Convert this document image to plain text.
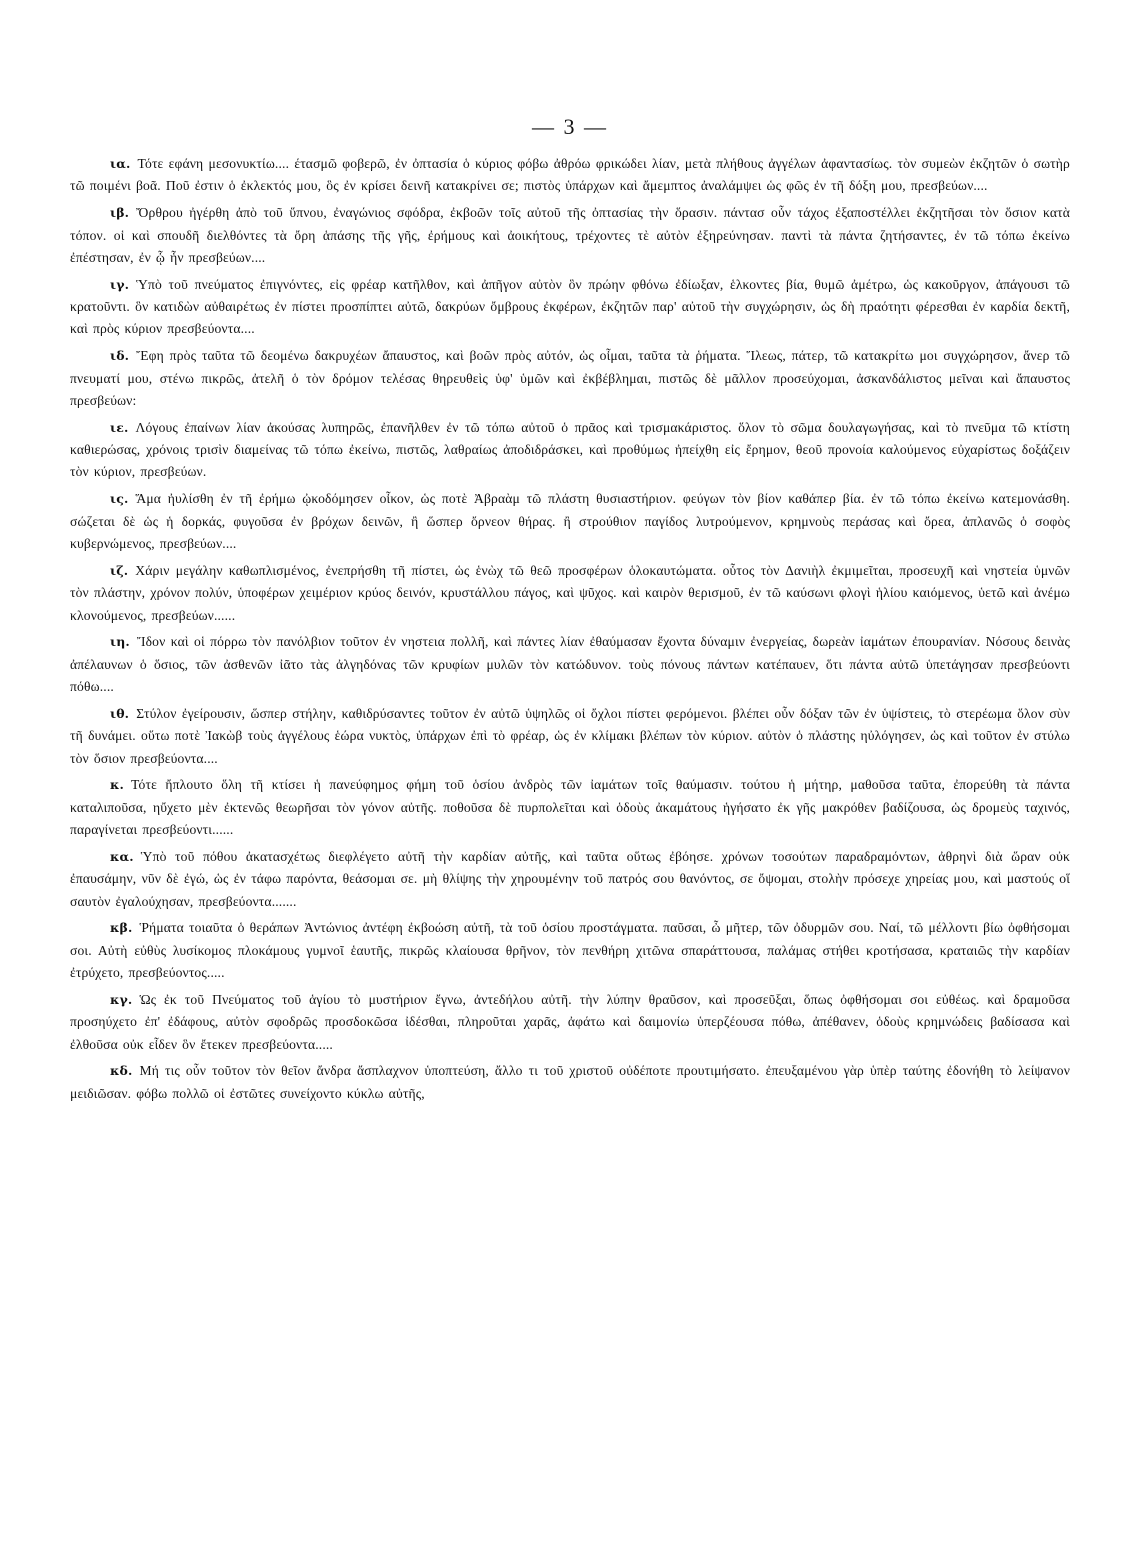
— 3 —

ια. Τότε εφάνη μεσονυκτίω.... έτασμῶ φοβερῶ, ἐν ὀπτασία ὁ κύριος φόβω ἀθρόω φρικώδει λίαν, μετὰ πλήθους ἀγγέλων ἀφαντασίως. τὸν συμεὼν ἐκζητῶν ὁ σωτὴρ τῶ ποιμένι βοᾶ. Ποῦ ἐστιν ὁ ἐκλεκτός μου, ὃς ἐν κρίσει δεινῆ κατακρίνει σε; πιστὸς ὑπάρχων καὶ ἄμεμπτος ἀναλάμψει ὡς φῶς ἐν τῆ δόξη μου, πρεσβεύων....

ιβ. Ὄρθρου ἠγέρθη ἀπὸ τοῦ ὕπνου, ἐναγώνιος σφόδρα, ἐκβοῶν τοῖς αὐτοῦ τῆς ὀπτασίας τὴν ὅρασιν. πάντασ οὖν τάχος ἐξαποστέλλει ἐκζητῆσαι τὸν ὅσιον κατὰ τόπον. οἱ καὶ σπουδῆ διελθόντες τὰ ὄρη ἁπάσης τῆς γῆς, ἐρήμους καὶ ἀοικήτους, τρέχοντες τὲ αὐτὸν ἐξηρεύνησαν. παντὶ τὰ πάντα ζητήσαντες, ἐν τῶ τόπω ἐκείνω ἐπέστησαν, ἐν ᾧ ἦν πρεσβεύων....

ιγ. Ὑπὸ τοῦ πνεύματος ἐπιγνόντες, εἰς φρέαρ κατῆλθον, καὶ ἀπῆγον αὐτὸν ὃν πρώην φθόνω ἐδίωξαν, ἑλκοντες βία, θυμῶ ἀμέτρω, ὡς κακοῦργον, ἀπάγουσι τῶ κρατοῦντι. ὃν κατιδὼν αὐθαιρέτως ἐν πίστει προσπίπτει αὐτῶ, δακρύων ὄμβρους ἐκφέρων, ἐκζητῶν παρ' αὐτοῦ τὴν συγχώρησιν, ὡς δὴ πραότητι φέρεσθαι ἐν καρδία δεκτῆ, καὶ πρὸς κύριον πρεσβεύοντα....

ιδ. Ἔφη πρὸς ταῦτα τῶ δεομένω δακρυχέων ἄπαυστος, καὶ βοῶν πρὸς αὐτόν, ὡς οἶμαι, ταῦτα τὰ ῥήματα. Ἵλεως, πάτερ, τῶ κατακρίτω μοι συγχώρησον, ἄνερ τῶ πνευματί μου, στένω πικρῶς, ἀτελῆ ὁ τὸν δρόμον τελέσας θηρευθεὶς ὑφ' ὑμῶν καὶ ἐκβέβλημαι, πιστῶς δὲ μᾶλλον προσεύχομαι, ἀσκανδάλιστος μεῖναι καὶ ἄπαυστος πρεσβεύων:

ιε. Λόγους ἐπαίνων λίαν ἀκούσας λυπηρῶς, ἐπανῆλθεν ἐν τῶ τόπω αὐτοῦ ὁ πρᾶος καὶ τρισμακάριστος. ὅλον τὸ σῶμα δουλαγωγήσας, καὶ τὸ πνεῦμα τῶ κτίστη καθιερώσας, χρόνοις τρισὶν διαμείνας τῶ τόπω ἐκείνω, πιστῶς, λαθραίως ἀποδιδράσκει, καὶ προθύμως ἠπείχθη εἰς ἔρημον, θεοῦ προνοία καλούμενος εὐχαρίστως δοξάζειν τὸν κύριον, πρεσβεύων.

ις. Ἅμα ἠυλίσθη ἐν τῆ ἐρήμω ᾠκοδόμησεν οἶκον, ὡς ποτὲ Ἀβραὰμ τῶ πλάστη θυσιαστήριον. φεύγων τὸν βίον καθάπερ βία. ἐν τῶ τόπω ἐκείνω κατεμονάσθη. σώζεται δὲ ὡς ἡ δορκάς, φυγοῦσα ἐν βρόχων δεινῶν, ἢ ὥσπερ ὄρνεον θήρας. ἢ στρούθιον παγίδος λυτρούμενον, κρημνοὺς περάσας καὶ ὄρεα, ἀπλανῶς ὁ σοφὸς κυβερνώμενος, πρεσβεύων....

ιζ. Χάριν μεγάλην καθωπλισμένος, ἐνεπρήσθη τῆ πίστει, ὡς ἑνὼχ τῶ θεῶ προσφέρων ὁλοκαυτώματα. οὗτος τὸν Δανιὴλ ἐκμιμεῖται, προσευχῆ καὶ νηστεία ὑμνῶν τὸν πλάστην, χρόνον πολύν, ὑποφέρων χειμέριον κρύος δεινόν, κρυστάλλου πάγος, καὶ ψῦχος. καὶ καιρὸν θερισμοῦ, ἐν τῶ καύσωνι φλογὶ ἡλίου καιόμενος, ὑετῶ καὶ ἀνέμω κλονούμενος, πρεσβεύων......

ιη. Ἴδον καὶ οἱ πόρρω τὸν πανόλβιον τοῦτον ἐν νηστεια πολλῆ, καὶ πάντες λίαν ἐθαύμασαν ἔχοντα δύναμιν ἐνεργείας, δωρεὰν ἰαμάτων ἐπουρανίαν. Νόσους δεινὰς ἀπέλαυνων ὁ ὅσιος, τῶν ἀσθενῶν ἰᾶτο τὰς ἀλγηδόνας τῶν κρυφίων μυλῶν τὸν κατώδυνον. τοὺς πόνους πάντων κατέπαυεν, ὅτι πάντα αὐτῶ ὑπετάγησαν πρεσβεύοντι πόθω....

ιθ. Στύλον ἐγείρουσιν, ὥσπερ στήλην, καθιδρύσαντες τοῦτον ἐν αὐτῶ ὑψηλῶς οἱ ὄχλοι πίστει φερόμενοι. βλέπει οὖν δόξαν τῶν ἐν ὑψίστεις, τὸ στερέωμα ὅλον σὺν τῆ δυνάμει. οὕτω ποτὲ Ἰακὼβ τοὺς ἀγγέλους ἑώρα νυκτὸς, ὑπάρχων ἐπὶ τὸ φρέαρ, ὡς ἐν κλίμακι βλέπων τὸν κύριον. αὐτὸν ὁ πλάστης ηὐλόγησεν, ὡς καὶ τοῦτον ἐν στύλω τὸν ὅσιον πρεσβεύοντα....

κ. Τότε ἤπλουτο ὅλη τῆ κτίσει ἡ πανεύφημος φήμη τοῦ ὁσίου ἀνδρὸς τῶν ἰαμάτων τοῖς θαύμασιν. τούτου ἡ μήτηρ, μαθοῦσα ταῦτα, ἐπορεύθη τὰ πάντα καταλιποῦσα, ηὔχετο μὲν ἐκτενῶς θεωρῆσαι τὸν γόνον αὐτῆς. ποθοῦσα δὲ πυρπολεῖται καὶ ὁδοὺς ἀκαμάτους ἡγήσατο ἐκ γῆς μακρόθεν βαδίζουσα, ὡς δρομεὺς ταχινός, παραγίνεται πρεσβεύοντι......

κα. Ὑπὸ τοῦ πόθου ἀκατασχέτως διεφλέγετο αὐτῆ τὴν καρδίαν αὐτῆς, καὶ ταῦτα οὕτως ἐβόησε. χρόνων τοσούτων παραδραμόντων, ἀθρηνὶ διὰ ὥραν οὐκ ἐπαυσάμην, νῦν δὲ ἐγώ, ὡς ἐν τάφω παρόντα, θεάσομαι σε. μὴ θλίψης τὴν χηρουμένην τοῦ πατρός σου θανόντος, σε ὄψομαι, στολὴν πρόσεχε χηρείας μου, καὶ μαστούς οἵ σαυτὸν ἐγαλούχησαν, πρεσβεύοντα.......

κβ. Ῥήματα τοιαῦτα ὁ θεράπων Ἀντώνιος ἀντέφη ἐκβοώση αὐτῆ, τὰ τοῦ ὁσίου προστάγματα. παῦσαι, ὦ μῆτερ, τῶν ὀδυρμῶν σου. Ναί, τῶ μέλλοντι βίω ὀφθήσομαι σοι. Αὐτὴ εὐθὺς λυσίκομος πλοκάμους γυμνοῖ ἑαυτῆς, πικρῶς κλαίουσα θρῆνον, τὸν πενθήρη χιτῶνα σπαράττουσα, παλάμας στήθει κροτήσασα, κραταιῶς τὴν καρδίαν ἐτρύχετο, πρεσβεύοντος.....

κγ. Ὡς ἐκ τοῦ Πνεύματος τοῦ ἁγίου τὸ μυστήριον ἔγνω, ἀντεδήλου αὐτῆ. τὴν λύπην θραῦσον, καὶ προσεῦξαι, ὅπως ὀφθήσομαι σοι εὐθέως. καὶ δραμοῦσα προσηύχετο ἐπ' ἐδάφους, αὐτὸν σφοδρῶς προσδοκῶσα ἰδέσθαι, πληροῦται χαρᾶς, ἀφάτω καὶ δαιμονίω ὑπερζέουσα πόθω, ἀπέθανεν, ὁδοὺς κρημνώδεις βαδίσασα καὶ ἐλθοῦσα οὐκ εἶδεν ὃν ἔτεκεν πρεσβεύοντα.....

κδ. Μή τις οὖν τοῦτον τὸν θεῖον ἄνδρα ἄσπλαχνον ὑποπτεύση, ἄλλο τι τοῦ χριστοῦ οὐδέποτε προυτιμήσατο. ἐπευξαμένου γὰρ ὑπὲρ ταύτης ἐδονήθη τὸ λείψανον μειδιῶσαν. φόβω πολλῶ οἱ ἐστῶτες συνείχοντο κύκλω αὐτῆς,
